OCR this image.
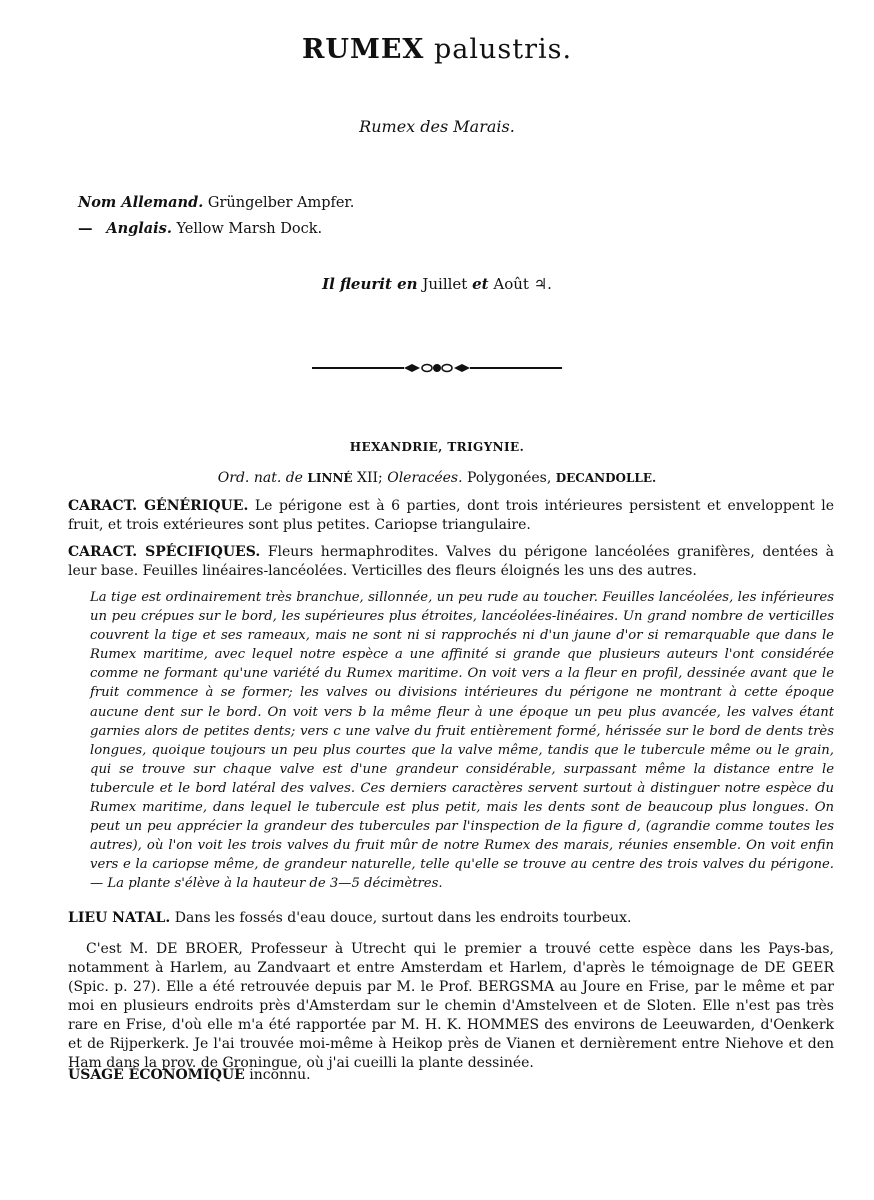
RUMEX palustris.
Rumex des Marais.
Nom Allemand. Grüngelber Ampfer.
— Anglais. Yellow Marsh Dock.
Il fleurit en Juillet et Août ♃.
HEXANDRIE, TRIGYNIE.
Ord. nat. de LINNÉ XII; Oleracées. Polygonées, DECANDOLLE.
CARACT. GÉNÉRIQUE. Le périgone est à 6 parties, dont trois intérieures persistent et enveloppent le fruit, et trois extérieures sont plus petites. Cariopse triangulaire.
CARACT. SPÉCIFIQUES. Fleurs hermaphrodites. Valves du périgone lancéolées granifères, dentées à leur base. Feuilles linéaires-lancéolées. Verticilles des fleurs éloignés les uns des autres.
La tige est ordinairement très branchue, sillonnée, un peu rude au toucher. Feuilles lancéolées, les inférieures un peu crépues sur le bord, les supérieures plus étroites, lancéolées-linéaires. Un grand nombre de verticilles couvrent la tige et ses rameaux, mais ne sont ni si rapprochés ni d'un jaune d'or si remarquable que dans le Rumex maritime, avec lequel notre espèce a une affinité si grande que plusieurs auteurs l'ont considérée comme ne formant qu'une variété du Rumex maritime. On voit vers a la fleur en profil, dessinée avant que le fruit commence à se former; les valves ou divisions intérieures du périgone ne montrant à cette époque aucune dent sur le bord. On voit vers b la même fleur à une époque un peu plus avancée, les valves étant garnies alors de petites dents; vers c une valve du fruit entièrement formé, hérissée sur le bord de dents très longues, quoique toujours un peu plus courtes que la valve même, tandis que le tubercule même ou le grain, qui se trouve sur chaque valve est d'une grandeur considérable, surpassant même la distance entre le tubercule et le bord latéral des valves. Ces derniers caractères servent surtout à distinguer notre espèce du Rumex maritime, dans lequel le tubercule est plus petit, mais les dents sont de beaucoup plus longues. On peut un peu apprécier la grandeur des tubercules par l'inspection de la figure d, (agrandie comme toutes les autres), où l'on voit les trois valves du fruit mûr de notre Rumex des marais, réunies ensemble. On voit enfin vers e la cariopse même, de grandeur naturelle, telle qu'elle se trouve au centre des trois valves du périgone. — La plante s'élève à la hauteur de 3—5 décimètres.
LIEU NATAL. Dans les fossés d'eau douce, surtout dans les endroits tourbeux.
C'est M. DE BROER, Professeur à Utrecht qui le premier a trouvé cette espèce dans les Pays-bas, notamment à Harlem, au Zandvaart et entre Amsterdam et Harlem, d'après le témoignage de DE GEER (Spic. p. 27). Elle a été retrouvée depuis par M. le Prof. BERGSMA au Joure en Frise, par le même et par moi en plusieurs endroits près d'Amsterdam sur le chemin d'Amstelveen et de Sloten. Elle n'est pas très rare en Frise, d'où elle m'a été rapportée par M. H. K. HOMMES des environs de Leeuwarden, d'Oenkerk et de Rijperkerk. Je l'ai trouvée moi-même à Heikop près de Vianen et dernièrement entre Niehove et den Ham dans la prov. de Groningue, où j'ai cueilli la plante dessinée.
USAGE ÉCONOMIQUE inconnu.
